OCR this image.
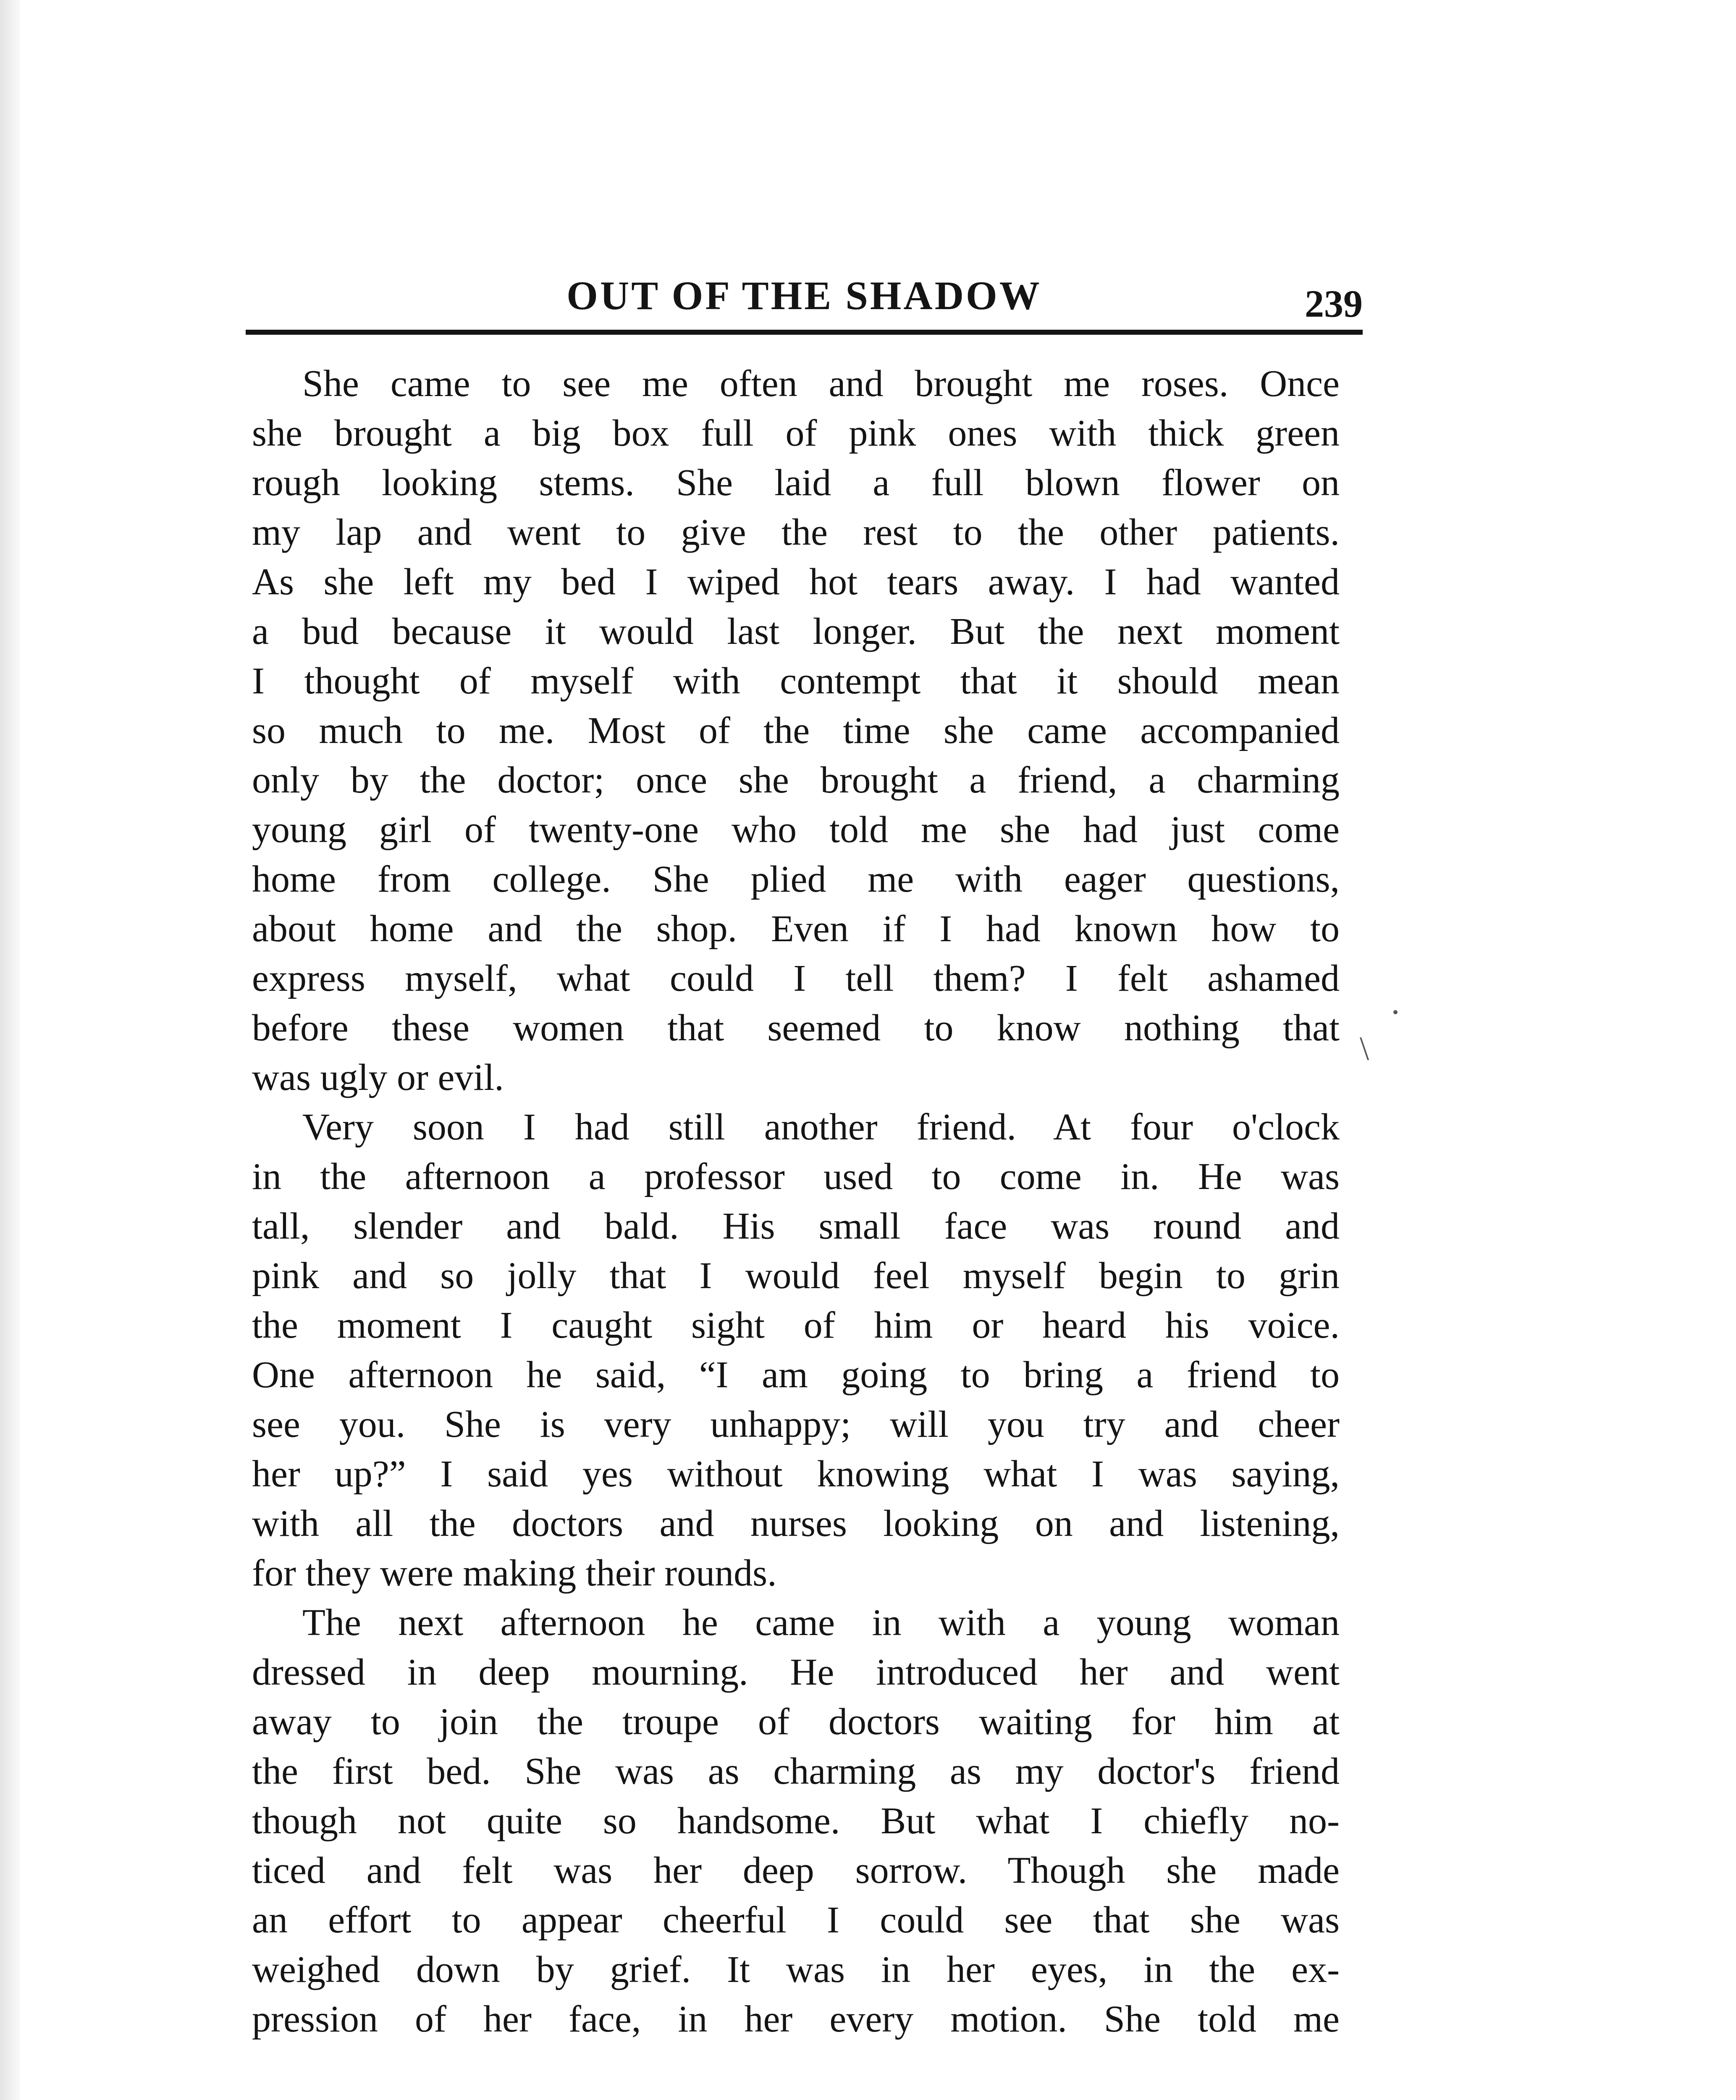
OUT OF THE SHADOW	239
She came to see me often and brought me roses. Once
she brought a big box full of pink ones with thick green
rough looking stems. She laid a full blown flower on
my lap and went to give the rest to the other patients.
As she left my bed I wiped hot tears away. I had wanted
a bud because it would last longer. But the next moment
I thought of myself with contempt that it should mean
so much to me. Most of the time she came accompanied
only by the doctor; once she brought a friend, a charming
young girl of twenty-one who told me she had just come
home from college. She plied me with eager questions,
about home and the shop. Even if I had known how to
express myself, what could I tell them? I felt ashamed
before these women that seemed to know nothing that
was ugly or evil.
Very soon I had still another friend. At four o'clock
in the afternoon a professor used to come in. He was
tall, slender and bald. His small face was round and
pink and so jolly that I would feel myself begin to grin
the moment I caught sight of him or heard his voice.
One afternoon he said, “I am going to bring a friend to
see you. She is very unhappy; will you try and cheer
her up?” I said yes without knowing what I was saying,
with all the doctors and nurses looking on and listening,
for they were making their rounds.
The next afternoon he came in with a young woman
dressed in deep mourning. He introduced her and went
away to join the troupe of doctors waiting for him at
the first bed. She was as charming as my doctor's friend
though not quite so handsome. But what I chiefly no-
ticed and felt was her deep sorrow. Though she made
an effort to appear cheerful I could see that she was
weighed down by grief. It was in her eyes, in the ex-
pression of her face, in her every motion. She told me
\
